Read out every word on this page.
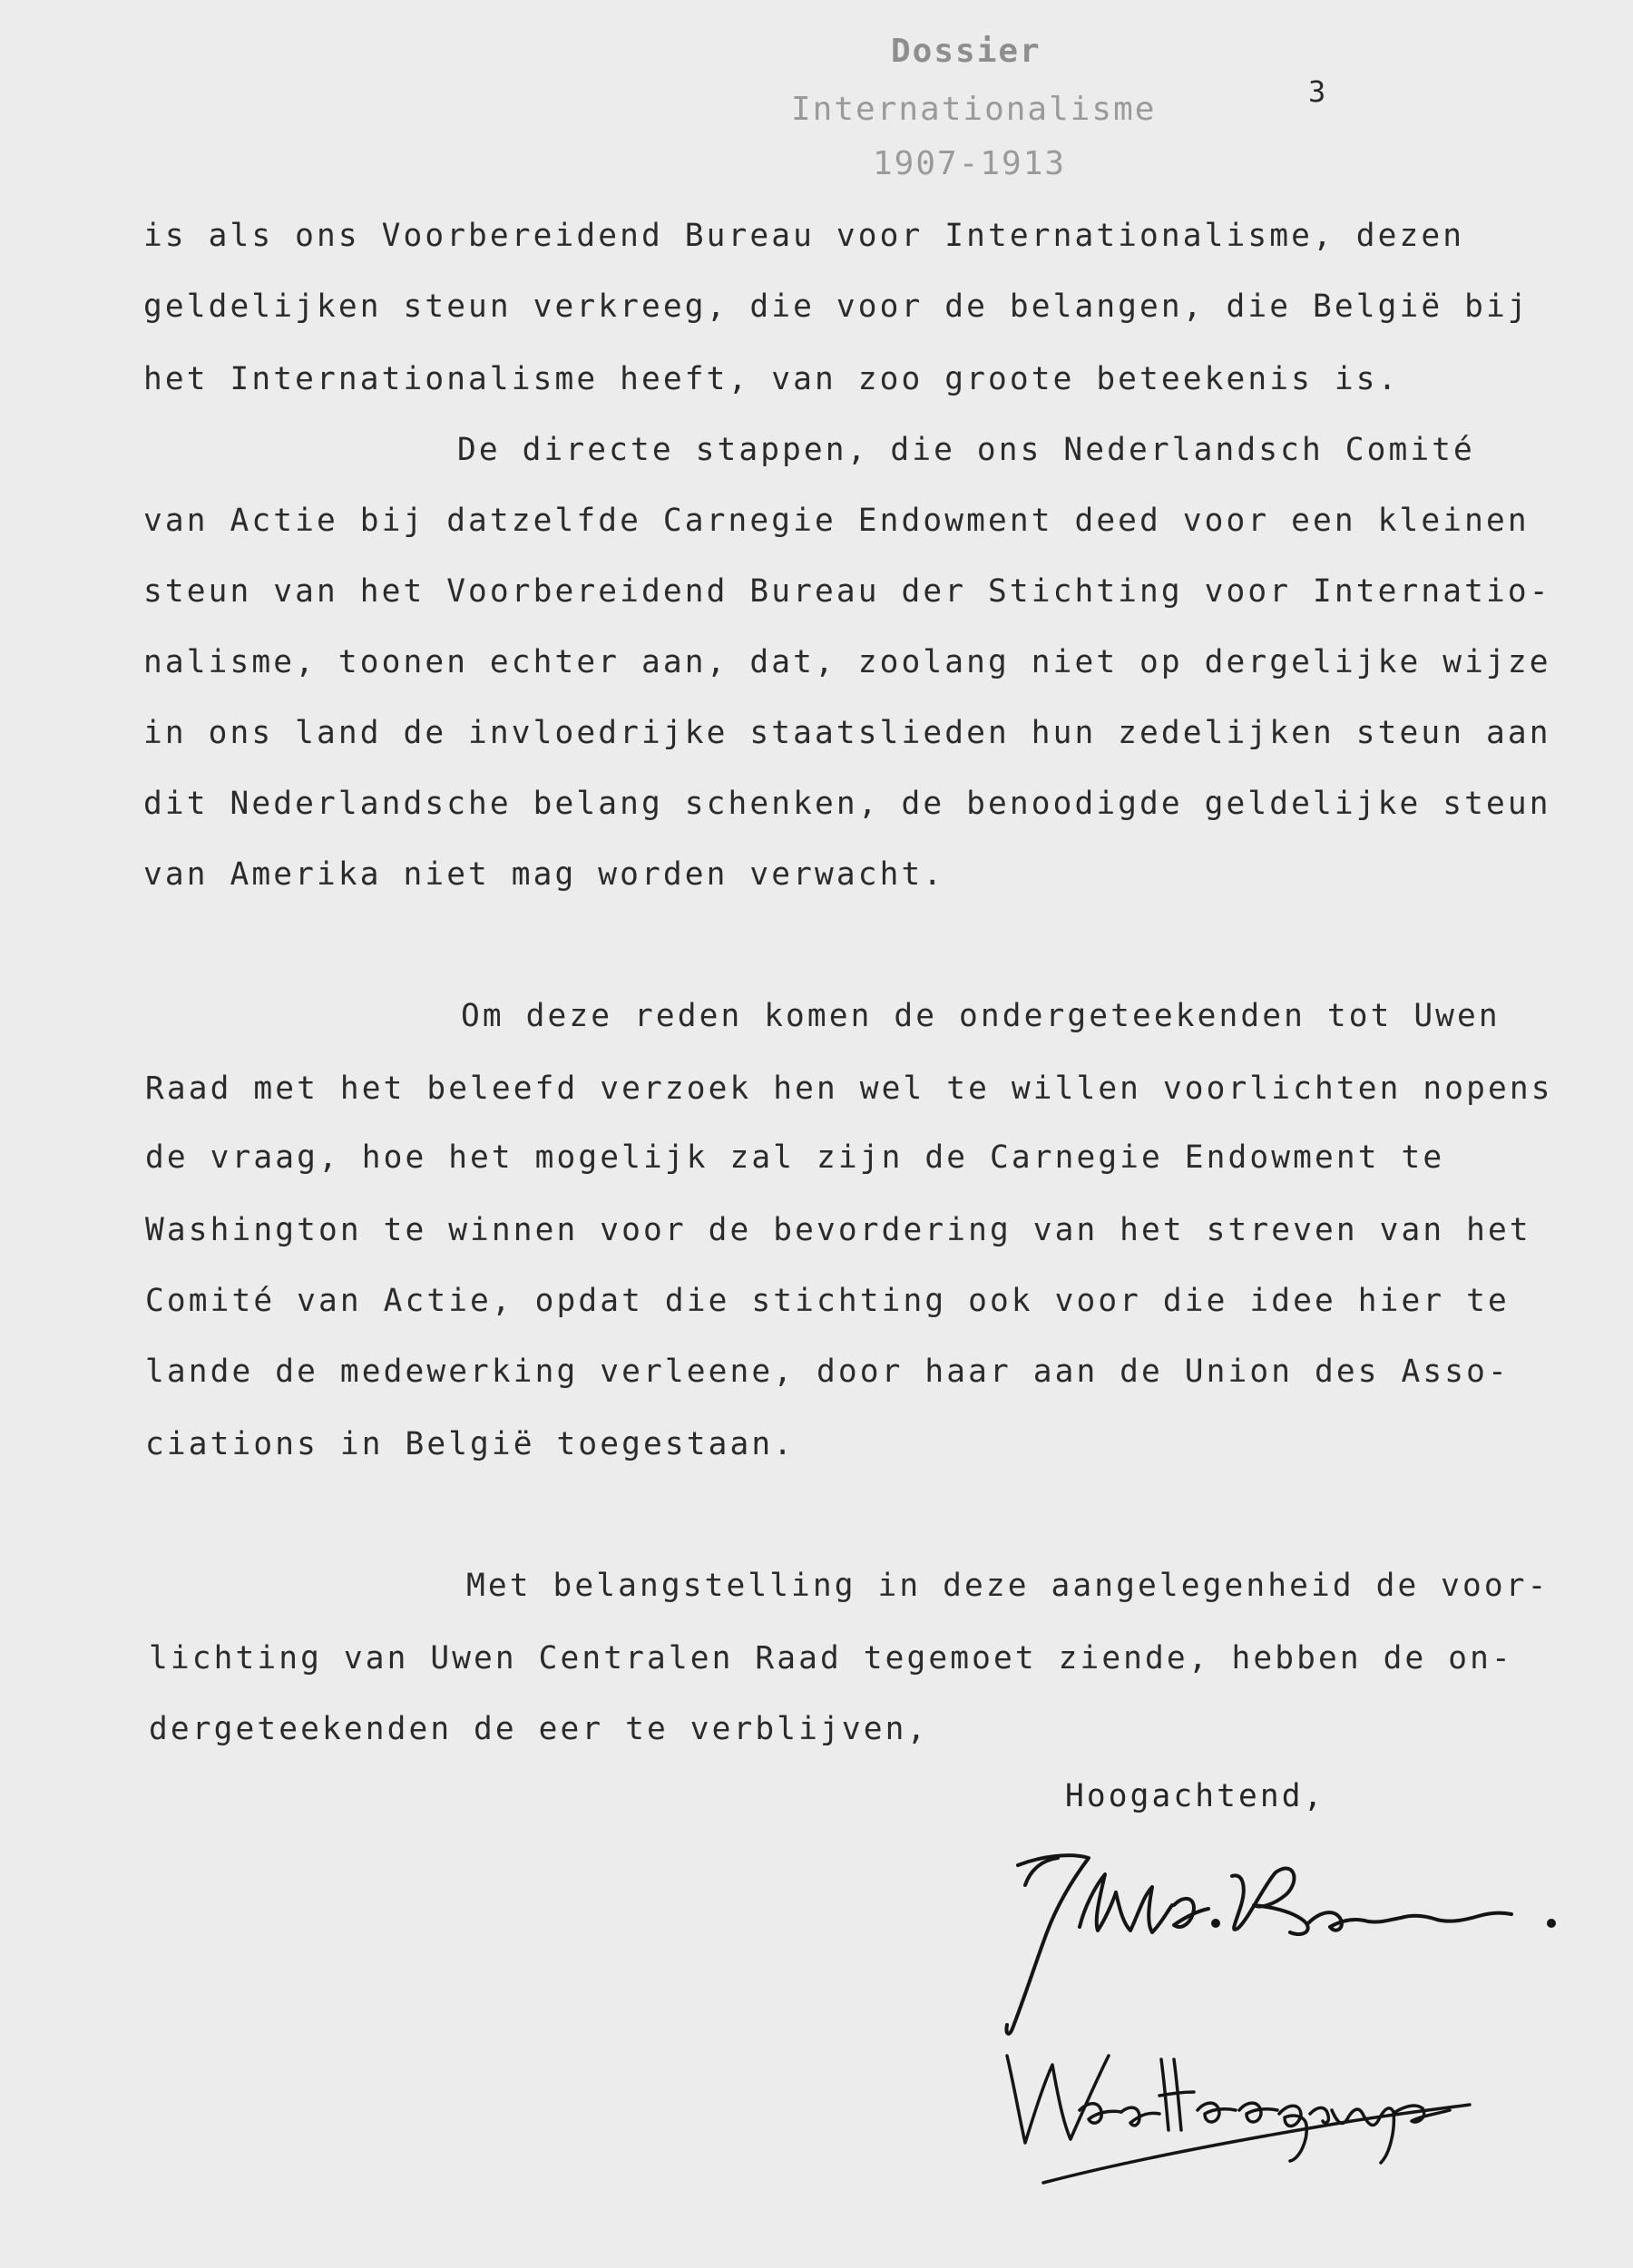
Dossier
Internationalisme
1907-1913
3
is als ons Voorbereidend Bureau voor Internationalisme, dezen
geldelijken steun verkreeg, die voor de belangen, die België bij
het Internationalisme heeft, van zoo groote beteekenis is.
De directe stappen, die ons Nederlandsch Comité
van Actie bij datzelfde Carnegie Endowment deed voor een kleinen
steun van het Voorbereidend Bureau der Stichting voor Internatio-
nalisme, toonen echter aan, dat, zoolang niet op dergelijke wijze
in ons land de invloedrijke staatslieden hun zedelijken steun aan
dit Nederlandsche belang schenken, de benoodigde geldelijke steun
van Amerika niet mag worden verwacht.
Om deze reden komen de ondergeteekenden tot Uwen
Raad met het beleefd verzoek hen wel te willen voorlichten nopens
de vraag, hoe het mogelijk zal zijn de Carnegie Endowment te
Washington te winnen voor de bevordering van het streven van het
Comité van Actie, opdat die stichting ook voor die idee hier te
lande de medewerking verleene, door haar aan de Union des Asso-
ciations in België toegestaan.
Met belangstelling in deze aangelegenheid de voor-
lichting van Uwen Centralen Raad tegemoet ziende, hebben de on-
dergeteekenden de eer te verblijven,
Hoogachtend,
